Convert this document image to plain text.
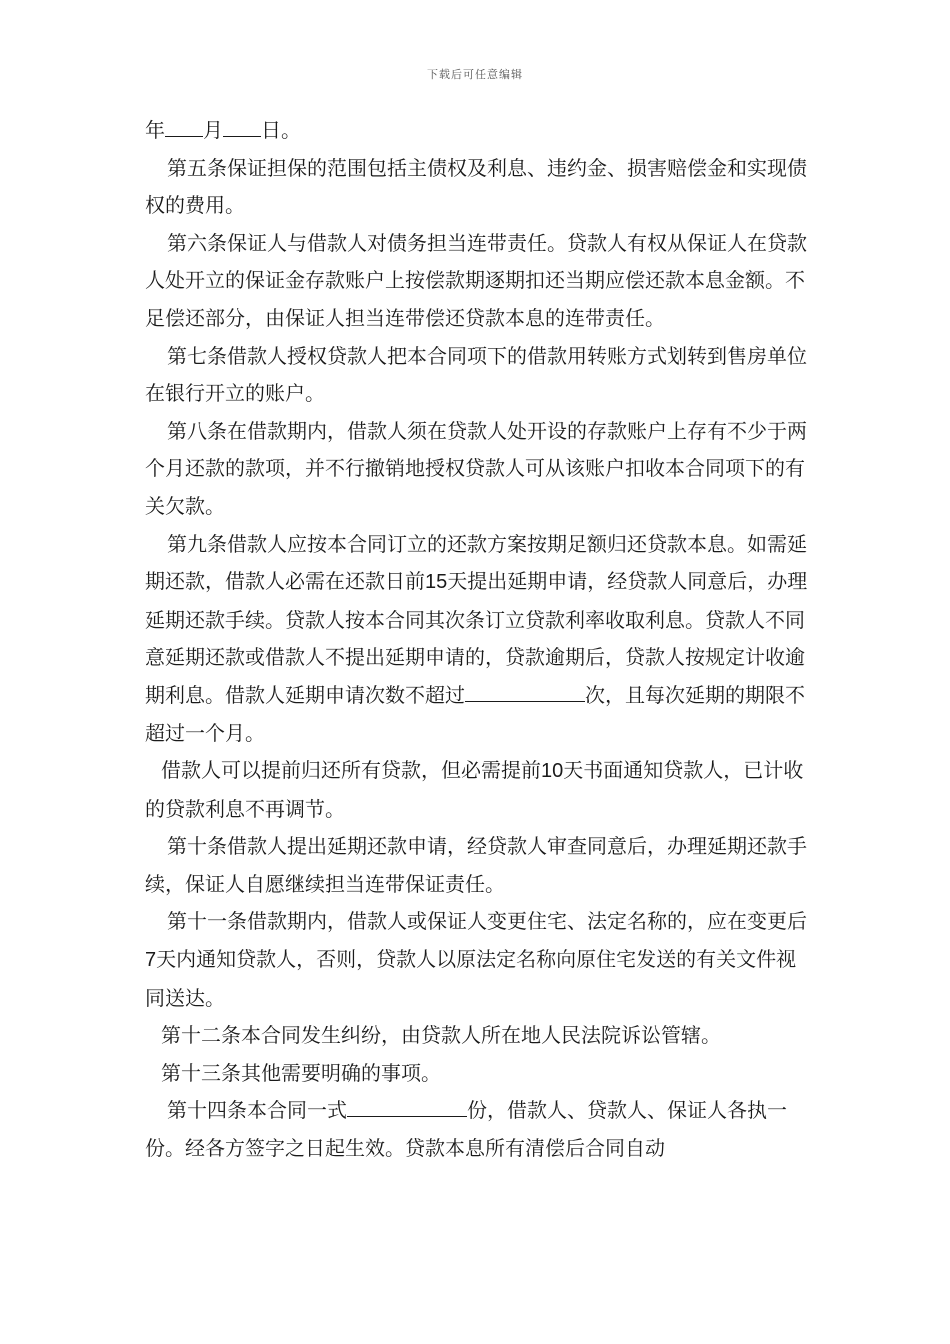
下载后可任意编辑

年 月 日。

第五条保证担保的范围包括主债权及利息、违约金、损害赔偿金和实现债权的费用。

第六条保证人与借款人对债务担当连带责任。贷款人有权从保证人在贷款人处开立的保证金存款账户上按偿款期逐期扣还当期应偿还款本息金额。不足偿还部分，由保证人担当连带偿还贷款本息的连带责任。

第七条借款人授权贷款人把本合同项下的借款用转账方式划转到售房单位在银行开立的账户。

第八条在借款期内，借款人须在贷款人处开设的存款账户上存有不少于两个月还款的款项，并不行撤销地授权贷款人可从该账户扣收本合同项下的有关欠款。

第九条借款人应按本合同订立的还款方案按期足额归还贷款本息。如需延期还款，借款人必需在还款日前15天提出延期申请，经贷款人同意后，办理延期还款手续。贷款人按本合同其次条订立贷款利率收取利息。贷款人不同意延期还款或借款人不提出延期申请的，贷款逾期后，贷款人按规定计收逾期利息。借款人延期申请次数不超过	次，且每次延期的期限不超过一个月。

借款人可以提前归还所有贷款，但必需提前10天书面通知贷款人，已计收的贷款利息不再调节。

第十条借款人提出延期还款申请，经贷款人审查同意后，办理延期还款手续，保证人自愿继续担当连带保证责任。

第十一条借款期内，借款人或保证人变更住宅、法定名称的，应在变更后7天内通知贷款人，否则，贷款人以原法定名称向原住宅发送的有关文件视同送达。

第十二条本合同发生纠纷，由贷款人所在地人民法院诉讼管辖。

第十三条其他需要明确的事项。

第十四条本合同一式	份，借款人、贷款人、保证人各执一份。经各方签字之日起生效。贷款本息所有清偿后合同自动
